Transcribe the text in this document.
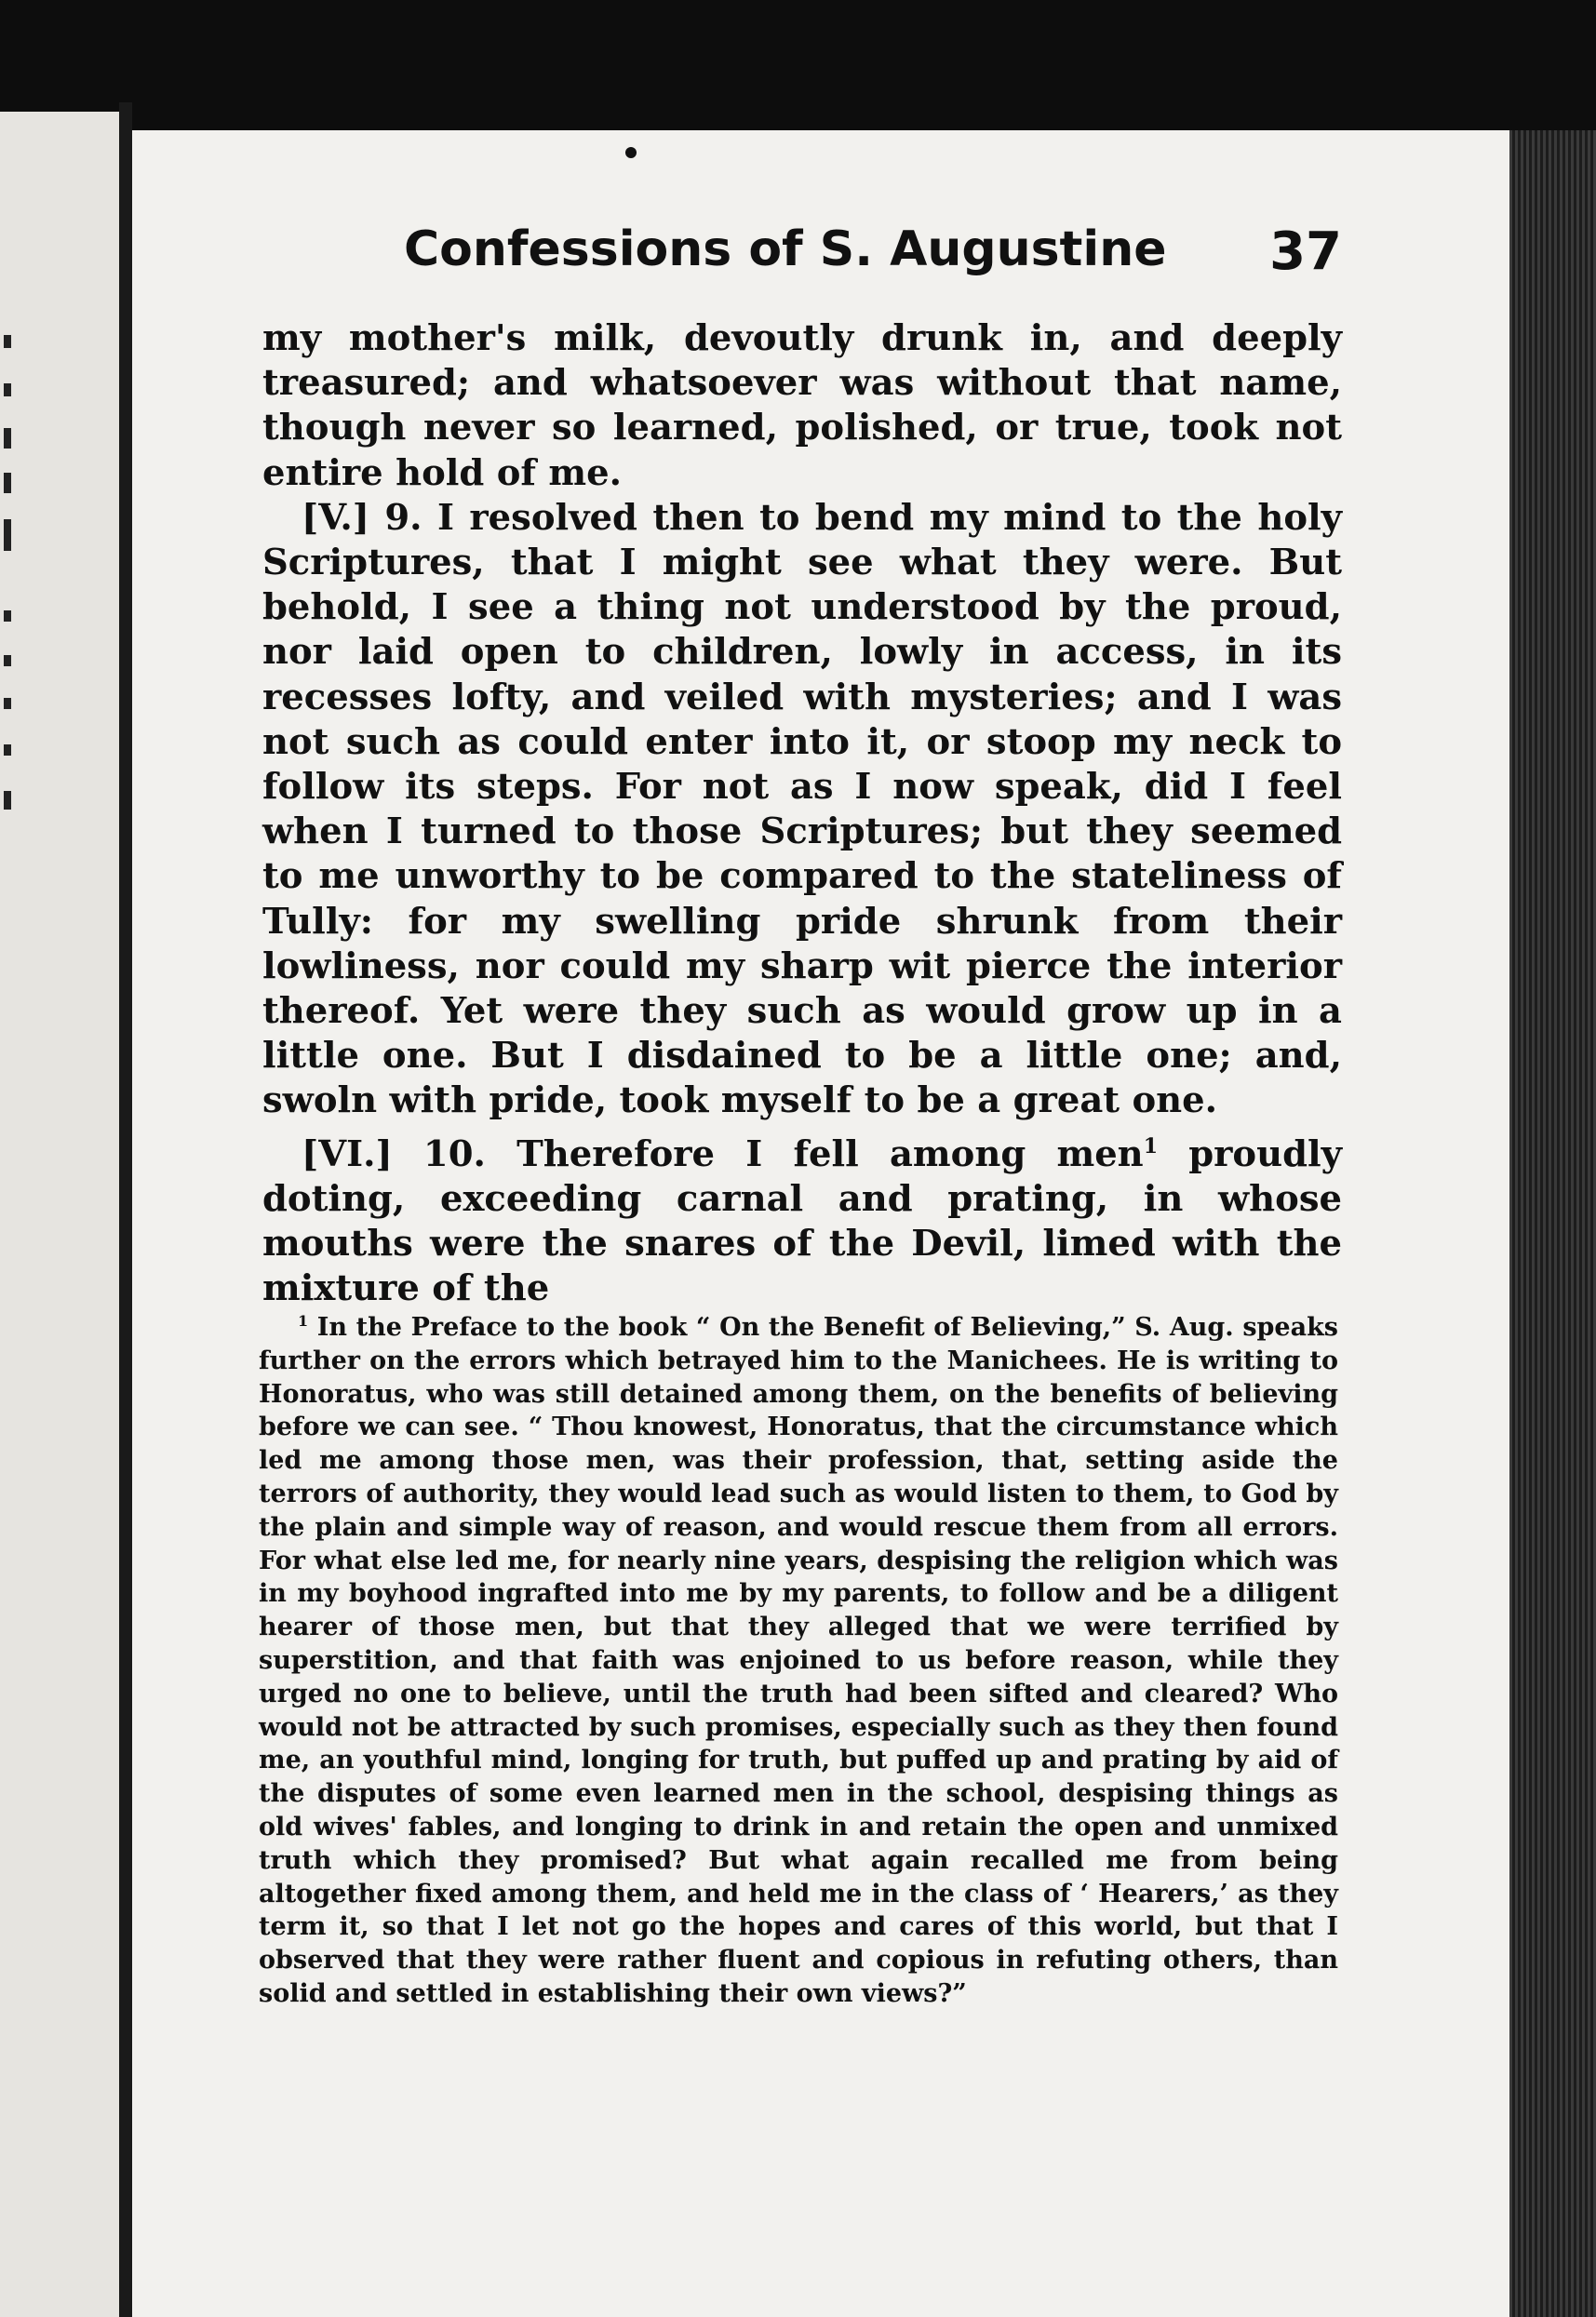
Confessions of S. Augustine 37

my mother's milk, devoutly drunk in, and deeply treasured; and whatsoever was without that name, though never so learned, polished, or true, took not entire hold of me.

[V.] 9. I resolved then to bend my mind to the holy Scriptures, that I might see what they were. But behold, I see a thing not understood by the proud, nor laid open to children, lowly in access, in its recesses lofty, and veiled with mysteries; and I was not such as could enter into it, or stoop my neck to follow its steps. For not as I now speak, did I feel when I turned to those Scriptures; but they seemed to me unworthy to be compared to the stateliness of Tully: for my swelling pride shrunk from their lowliness, nor could my sharp wit pierce the interior thereof. Yet were they such as would grow up in a little one. But I disdained to be a little one; and, swoln with pride, took myself to be a great one.

[VI.] 10. Therefore I fell among men$^1$ proudly doting, exceeding carnal and prating, in whose mouths were the snares of the Devil, limed with the mixture of the

$^1$ In the Preface to the book “ On the Benefit of Believing,” S. Aug. speaks further on the errors which betrayed him to the Manichees. He is writing to Honoratus, who was still detained among them, on the benefits of believing before we can see. “ Thou knowest, Honoratus, that the circumstance which led me among those men, was their profession, that, setting aside the terrors of authority, they would lead such as would listen to them, to God by the plain and simple way of reason, and would rescue them from all errors. For what else led me, for nearly nine years, despising the religion which was in my boyhood ingrafted into me by my parents, to follow and be a diligent hearer of those men, but that they alleged that we were terrified by superstition, and that faith was enjoined to us before reason, while they urged no one to believe, until the truth had been sifted and cleared? Who would not be attracted by such promises, especially such as they then found me, an youthful mind, longing for truth, but puffed up and prating by aid of the disputes of some even learned men in the school, despising things as old wives' fables, and longing to drink in and retain the open and unmixed truth which they promised? But what again recalled me from being altogether fixed among them, and held me in the class of ‘ Hearers,’ as they term it, so that I let not go the hopes and cares of this world, but that I observed that they were rather fluent and copious in refuting others, than solid and settled in establishing their own views?”
